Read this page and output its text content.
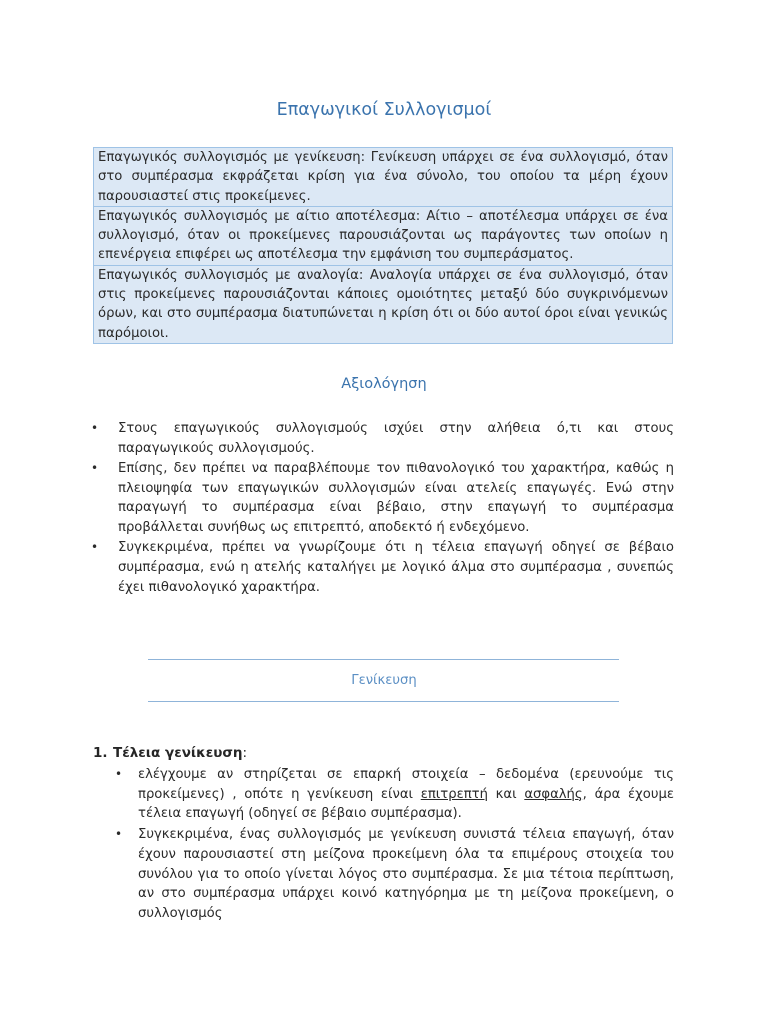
Επαγωγικοί Συλλογισμοί
Επαγωγικός συλλογισμός με γενίκευση: Γενίκευση υπάρχει σε ένα συλλογισμό, όταν στο συμπέρασμα εκφράζεται κρίση για ένα σύνολο, του οποίου τα μέρη έχουν παρουσιαστεί στις προκείμενες.
Επαγωγικός συλλογισμός με αίτιο αποτέλεσμα: Αίτιο – αποτέλεσμα υπάρχει σε ένα συλλογισμό, όταν οι προκείμενες παρουσιάζονται ως παράγοντες των οποίων η επενέργεια επιφέρει ως αποτέλεσμα την εμφάνιση του συμπεράσματος.
Επαγωγικός συλλογισμός με αναλογία: Αναλογία υπάρχει σε ένα συλλογισμό, όταν στις προκείμενες παρουσιάζονται κάποιες ομοιότητες μεταξύ δύο συγκρινόμενων όρων, και στο συμπέρασμα διατυπώνεται η κρίση ότι οι δύο αυτοί όροι είναι γενικώς παρόμοιοι.
Αξιολόγηση
• Στους επαγωγικούς συλλογισμούς ισχύει στην αλήθεια ό,τι και στους παραγωγικούς συλλογισμούς.
• Επίσης, δεν πρέπει να παραβλέπουμε τον πιθανολογικό του χαρακτήρα, καθώς η πλειοψηφία των επαγωγικών συλλογισμών είναι ατελείς επαγωγές. Ενώ στην παραγωγή το συμπέρασμα είναι βέβαιο, στην επαγωγή το συμπέρασμα προβάλλεται συνήθως ως επιτρεπτό, αποδεκτό ή ενδεχόμενο.
• Συγκεκριμένα, πρέπει να γνωρίζουμε ότι η τέλεια επαγωγή οδηγεί σε βέβαιο συμπέρασμα, ενώ η ατελής καταλήγει με λογικό άλμα στο συμπέρασμα , συνεπώς έχει πιθανολογικό χαρακτήρα.
Γενίκευση
1. Τέλεια γενίκευση:
• ελέγχουμε αν στηρίζεται σε επαρκή στοιχεία – δεδομένα (ερευνούμε τις προκείμενες) , οπότε η γενίκευση είναι επιτρεπτή και ασφαλής, άρα έχουμε τέλεια επαγωγή (οδηγεί σε βέβαιο συμπέρασμα).
• Συγκεκριμένα, ένας συλλογισμός με γενίκευση συνιστά τέλεια επαγωγή, όταν έχουν παρουσιαστεί στη μείζονα προκείμενη όλα τα επιμέρους στοιχεία του συνόλου για το οποίο γίνεται λόγος στο συμπέρασμα. Σε μια τέτοια περίπτωση, αν στο συμπέρασμα υπάρχει κοινό κατηγόρημα με τη μείζονα προκείμενη, ο συλλογισμός
